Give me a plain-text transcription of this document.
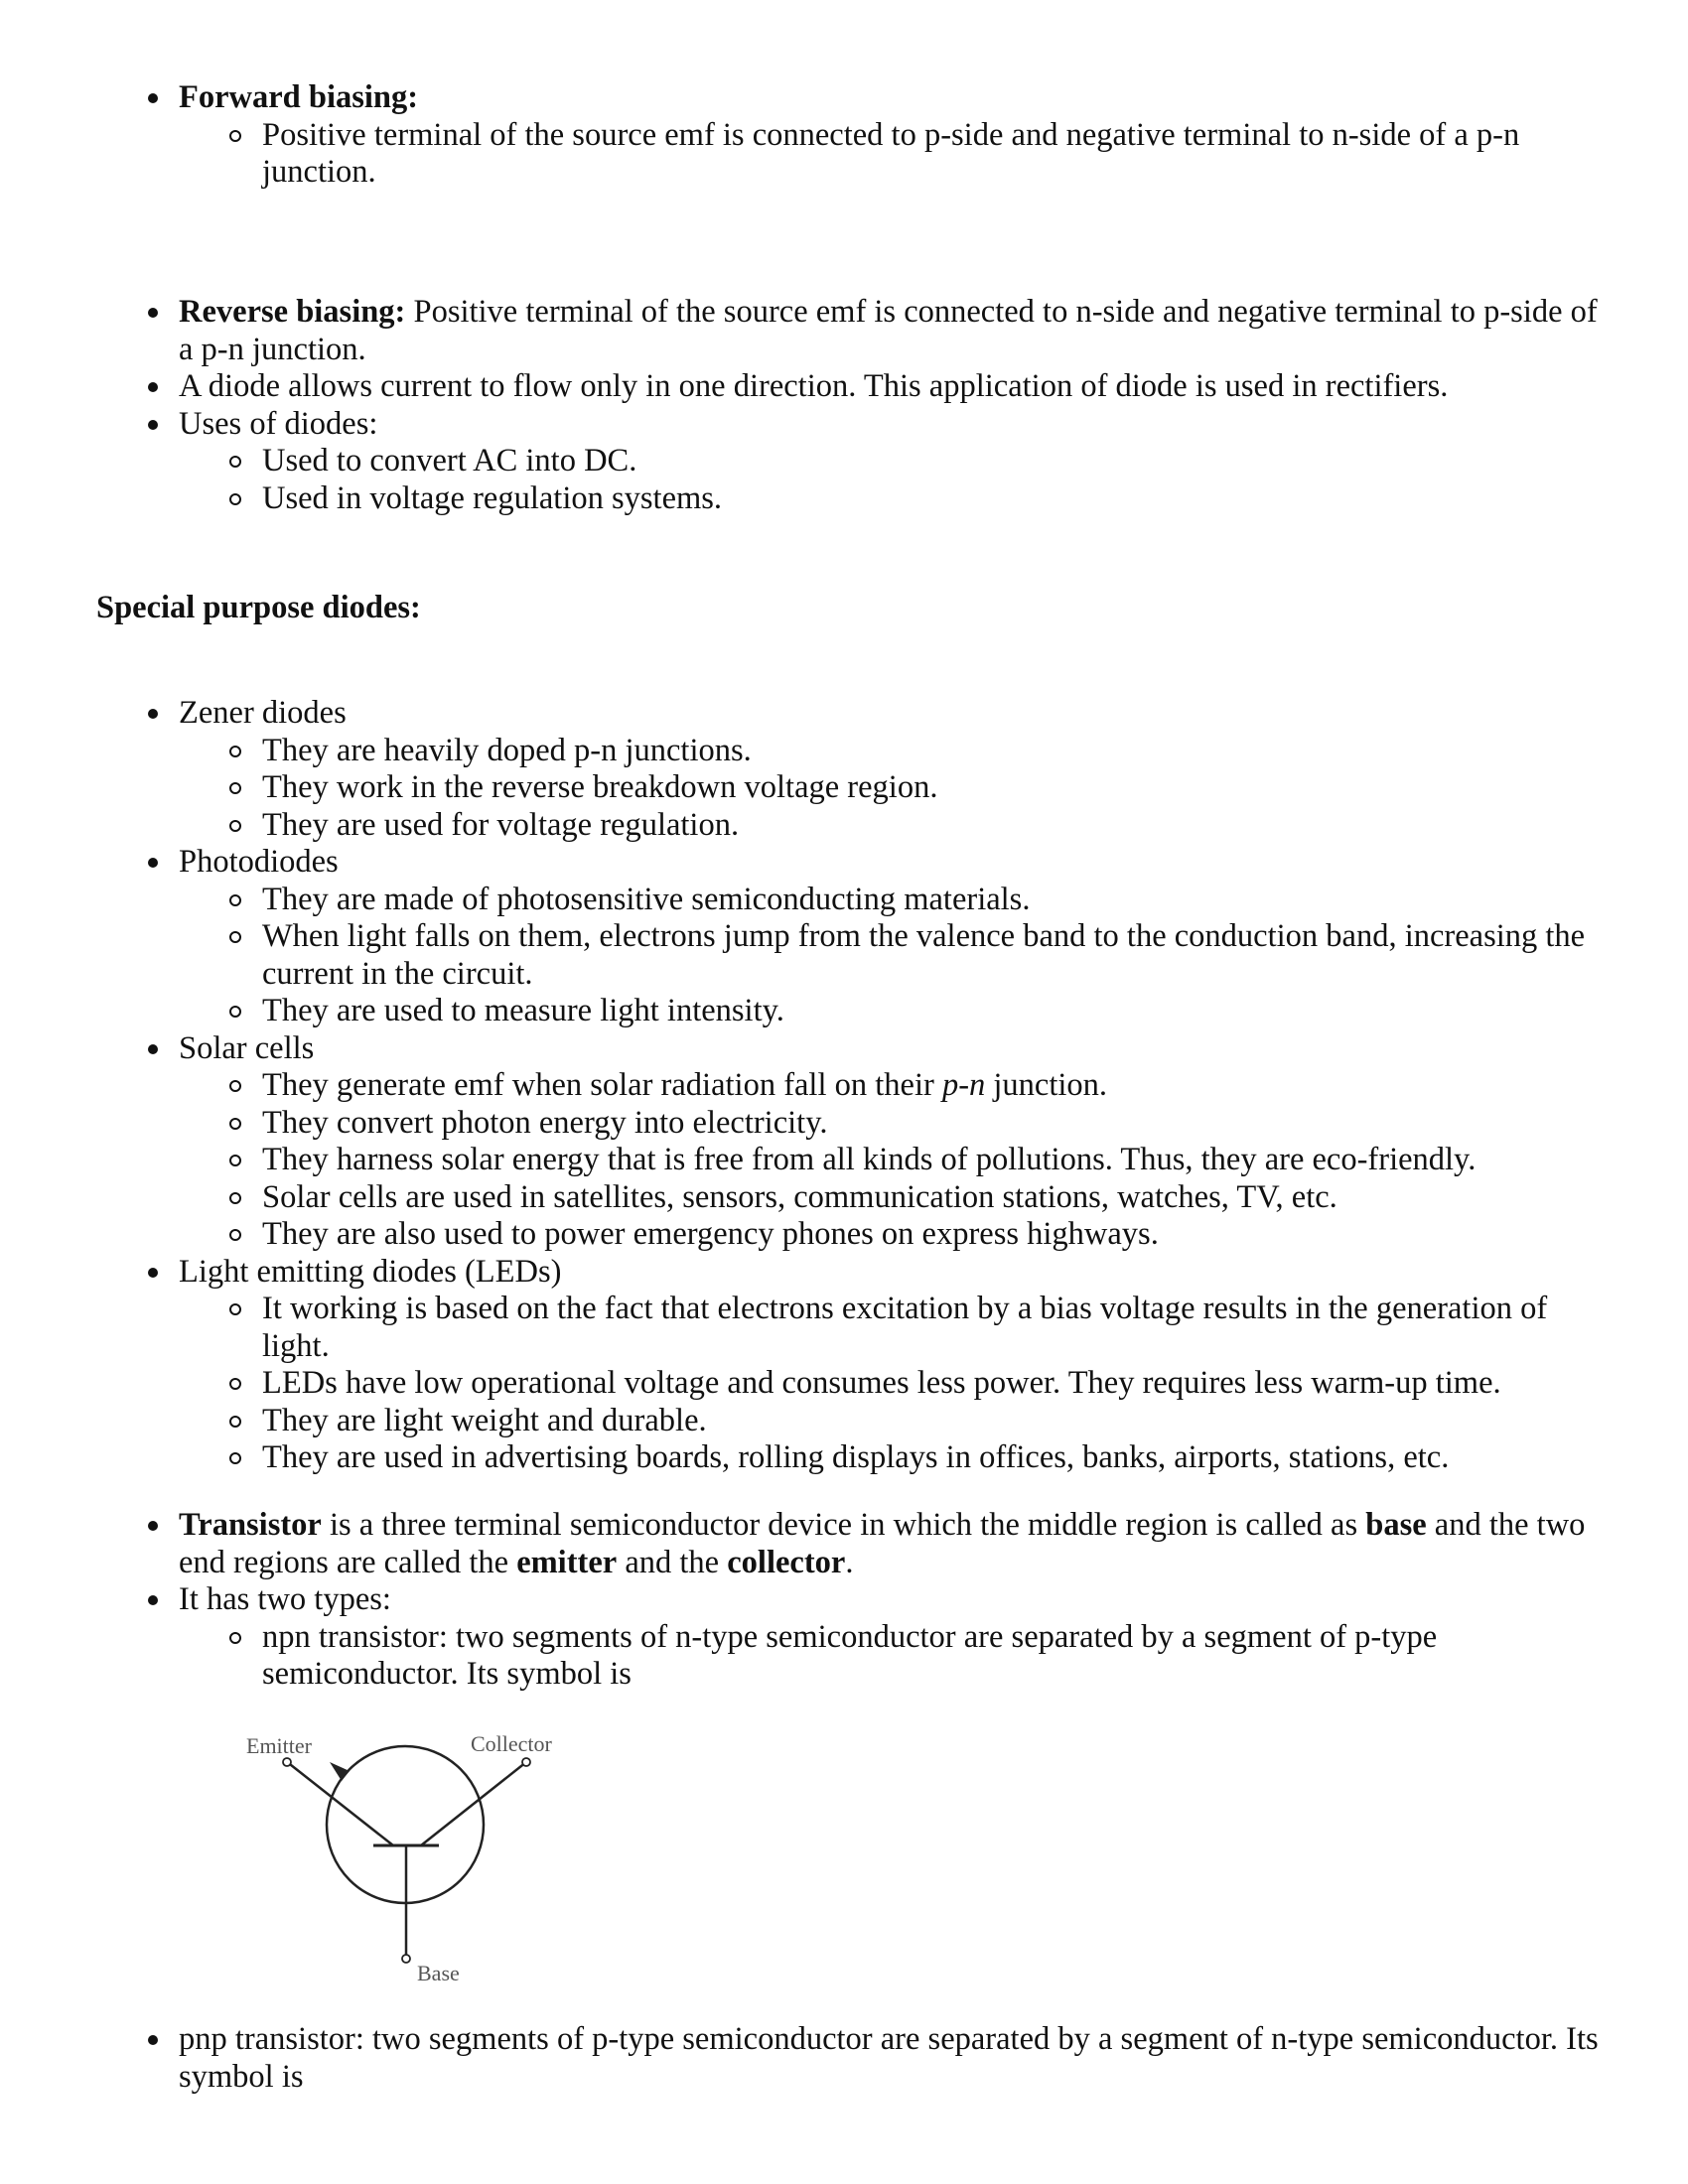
Forward biasing:
Positive terminal of the source emf is connected to p-side and negative terminal to n-side of a p-n junction.
Reverse biasing: Positive terminal of the source emf is connected to n-side and negative terminal to p-side of a p-n junction.
A diode allows current to flow only in one direction. This application of diode is used in rectifiers.
Uses of diodes:
Used to convert AC into DC.
Used in voltage regulation systems.
Special purpose diodes:
Zener diodes
They are heavily doped p-n junctions.
They work in the reverse breakdown voltage region.
They are used for voltage regulation.
Photodiodes
They are made of photosensitive semiconducting materials.
When light falls on them, electrons jump from the valence band to the conduction band, increasing the current in the circuit.
They are used to measure light intensity.
Solar cells
They generate emf when solar radiation fall on their p-n junction.
They convert photon energy into electricity.
They harness solar energy that is free from all kinds of pollutions. Thus, they are eco-friendly.
Solar cells are used in satellites, sensors, communication stations, watches, TV, etc.
They are also used to power emergency phones on express highways.
Light emitting diodes (LEDs)
It working is based on the fact that electrons excitation by a bias voltage results in the generation of light.
LEDs have low operational voltage and consumes less power. They requires less warm-up time.
They are light weight and durable.
They are used in advertising boards, rolling displays in offices, banks, airports, stations, etc.
Transistor is a three terminal semiconductor device in which the middle region is called as base and the two end regions are called the emitter and the collector.
It has two types:
npn transistor: two segments of n-type semiconductor are separated by a segment of p-type semiconductor. Its symbol is
Emitter	Collector
Base
pnp transistor: two segments of p-type semiconductor are separated by a segment of n-type semiconductor. Its symbol is
